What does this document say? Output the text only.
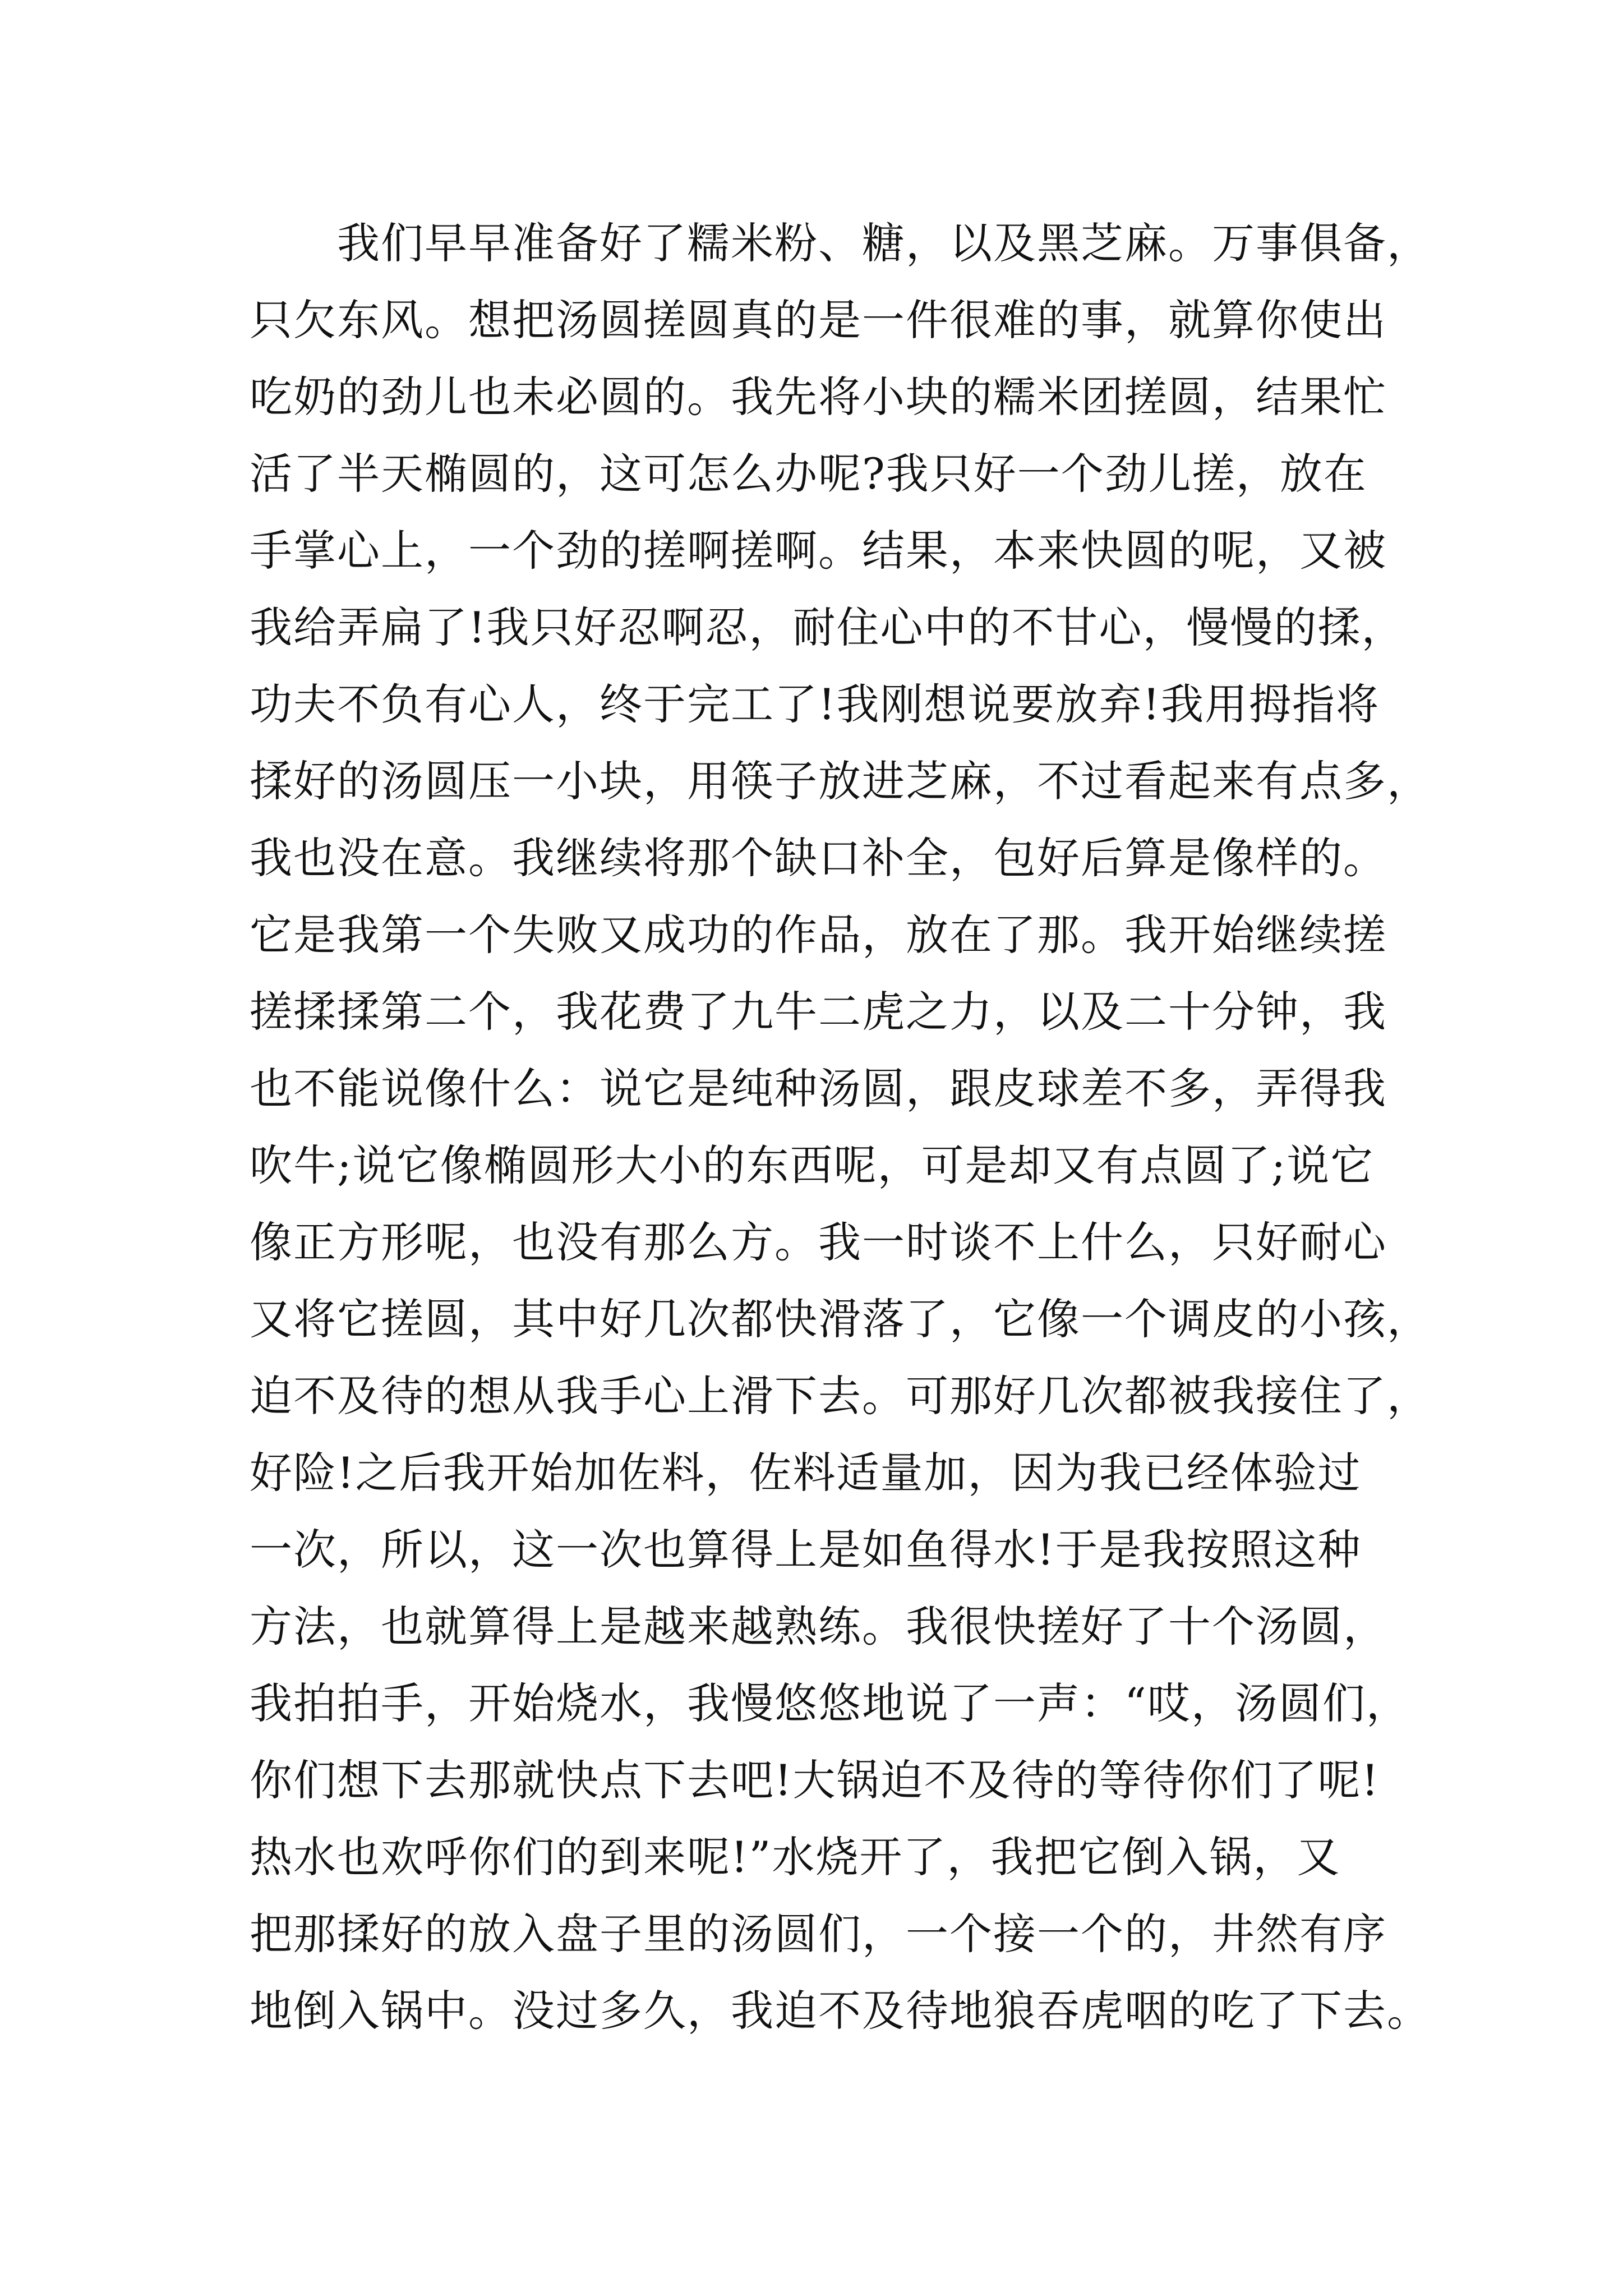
　　我们早早准备好了糯米粉、糖，以及黑芝麻。万事俱备，
只欠东风。想把汤圆搓圆真的是一件很难的事，就算你使出
吃奶的劲儿也未必圆的。我先将小块的糯米团搓圆，结果忙
活了半天椭圆的，这可怎么办呢?我只好一个劲儿搓，放在
手掌心上，一个劲的搓啊搓啊。结果，本来快圆的呢，又被
我给弄扁了!我只好忍啊忍，耐住心中的不甘心，慢慢的揉，
功夫不负有心人，终于完工了!我刚想说要放弃!我用拇指将
揉好的汤圆压一小块，用筷子放进芝麻，不过看起来有点多，
我也没在意。我继续将那个缺口补全，包好后算是像样的。
它是我第一个失败又成功的作品，放在了那。我开始继续搓
搓揉揉第二个，我花费了九牛二虎之力，以及二十分钟，我
也不能说像什么：说它是纯种汤圆，跟皮球差不多，弄得我
吹牛;说它像椭圆形大小的东西呢，可是却又有点圆了;说它
像正方形呢，也没有那么方。我一时谈不上什么，只好耐心
又将它搓圆，其中好几次都快滑落了，它像一个调皮的小孩，
迫不及待的想从我手心上滑下去。可那好几次都被我接住了，
好险!之后我开始加佐料，佐料适量加，因为我已经体验过
一次，所以，这一次也算得上是如鱼得水!于是我按照这种
方法，也就算得上是越来越熟练。我很快搓好了十个汤圆，
我拍拍手，开始烧水，我慢悠悠地说了一声：“哎，汤圆们，
你们想下去那就快点下去吧!大锅迫不及待的等待你们了呢!
热水也欢呼你们的到来呢!”水烧开了，我把它倒入锅，又
把那揉好的放入盘子里的汤圆们，一个接一个的，井然有序
地倒入锅中。没过多久，我迫不及待地狼吞虎咽的吃了下去。
